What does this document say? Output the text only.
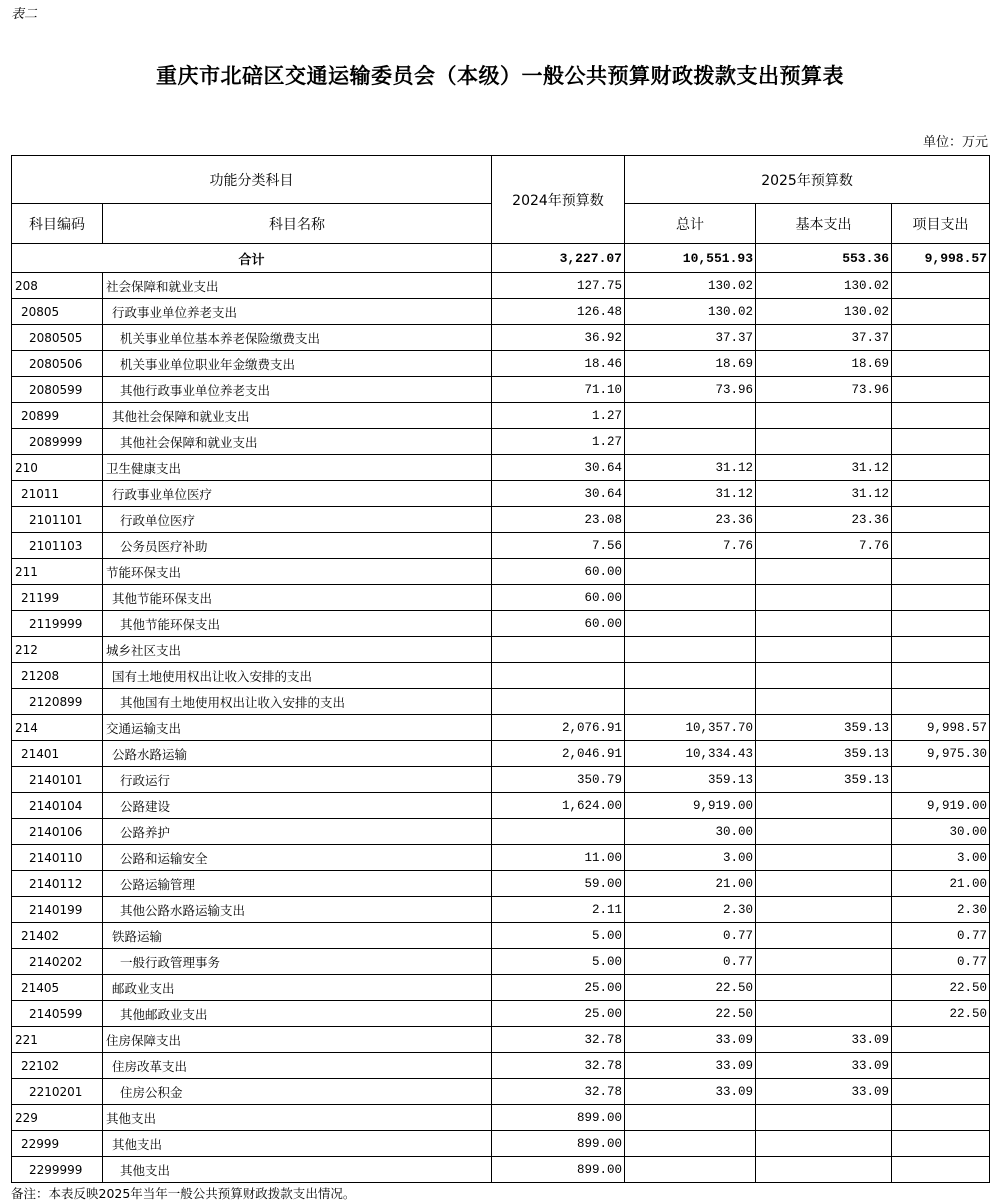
表二
重庆市北碚区交通运输委员会（本级）一般公共预算财政拨款支出预算表
单位：万元
功能分类科目		2024年预算数	2025年预算数		
科目编码	科目名称		总计	基本支出	项目支出
合计		3,227.07	10,551.93	553.36	9,998.57
208	社会保障和就业支出	127.75	130.02	130.02	
20805	行政事业单位养老支出	126.48	130.02	130.02	
2080505	机关事业单位基本养老保险缴费支出	36.92	37.37	37.37	
2080506	机关事业单位职业年金缴费支出	18.46	18.69	18.69	
2080599	其他行政事业单位养老支出	71.10	73.96	73.96	
20899	其他社会保障和就业支出	1.27			
2089999	其他社会保障和就业支出	1.27			
210	卫生健康支出	30.64	31.12	31.12	
21011	行政事业单位医疗	30.64	31.12	31.12	
2101101	行政单位医疗	23.08	23.36	23.36	
2101103	公务员医疗补助	7.56	7.76	7.76	
211	节能环保支出	60.00			
21199	其他节能环保支出	60.00			
2119999	其他节能环保支出	60.00			
212	城乡社区支出				
21208	国有土地使用权出让收入安排的支出				
2120899	其他国有土地使用权出让收入安排的支出				
214	交通运输支出	2,076.91	10,357.70	359.13	9,998.57
21401	公路水路运输	2,046.91	10,334.43	359.13	9,975.30
2140101	行政运行	350.79	359.13	359.13	
2140104	公路建设	1,624.00	9,919.00		9,919.00
2140106	公路养护		30.00		30.00
2140110	公路和运输安全	11.00	3.00		3.00
2140112	公路运输管理	59.00	21.00		21.00
2140199	其他公路水路运输支出	2.11	2.30		2.30
21402	铁路运输	5.00	0.77		0.77
2140202	一般行政管理事务	5.00	0.77		0.77
21405	邮政业支出	25.00	22.50		22.50
2140599	其他邮政业支出	25.00	22.50		22.50
221	住房保障支出	32.78	33.09	33.09	
22102	住房改革支出	32.78	33.09	33.09	
2210201	住房公积金	32.78	33.09	33.09	
229	其他支出	899.00			
22999	其他支出	899.00			
2299999	其他支出	899.00			
备注：本表反映2025年当年一般公共预算财政拨款支出情况。
